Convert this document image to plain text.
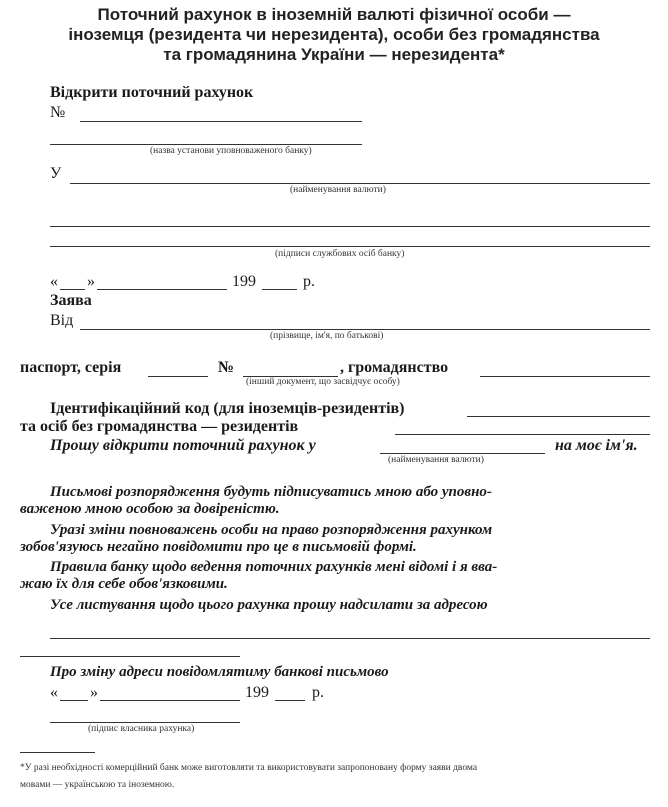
Поточний рахунок в іноземній валюті фізичної особи —
іноземця (резидента чи нерезидента), особи без громадянства
та громадянина України — нерезидента*
Відкрити поточний рахунок
№
(назва установи уповноваженого банку)
У
(найменування валюти)
(підписи службових осіб банку)
« »	199	р.
Заява
Від
(прізвище, ім'я, по батькові)
паспорт, серія	№	, громадянство
(інший документ, що засвідчує особу)
Ідентифікаційний код (для іноземців-резидентів)
та осіб без громадянства — резидентів
Прошу відкрити поточний рахунок у	на моє ім'я.
(найменування валюти)
Письмові розпорядження будуть підписуватись мною або уповно-
важеною мною особою за довіреністю.
Уразі зміни повноважень особи на право розпорядження рахунком
зобов'язуюсь негайно повідомити про це в письмовій формі.
Правила банку щодо ведення поточних рахунків мені відомі і я вва-
жаю їх для себе обов'язковими.
Усе листування щодо цього рахунка прошу надсилати за адресою
Про зміну адреси повідомлятиму банкові письмово
« »	199	р.
(підпис власника рахунка)
*У разі необхідності комерційний банк може виготовляти та використовувати запропоновану форму заяви двома
мовами — українською та іноземною.
